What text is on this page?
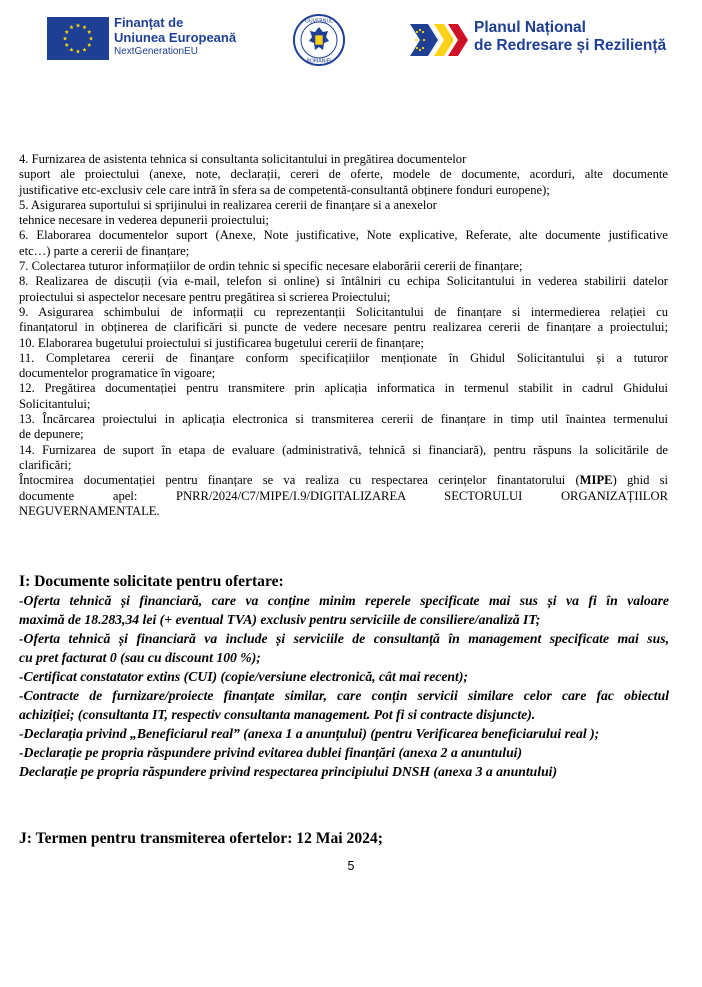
Finanțat de
Uniunea Europeană
NextGenerationEU
GUVERNUL
ROMÂNIEI
Planul Național
de Redresare și Reziliență

4. Furnizarea de asistenta tehnica si consultanta solicitantului in pregătirea documentelor

suport ale proiectului (anexe, note, declarații, cereri de oferte, modele de documente, acorduri, alte documente

justificative etc-exclusiv cele care intră în sfera sa de competentă-consultantă obținere fonduri europene);

5. Asigurarea suportului si sprijinului in realizarea cererii de finanțare si a anexelor

tehnice necesare in vederea depunerii proiectului;

6. Elaborarea documentelor suport (Anexe, Note justificative, Note explicative, Referate, alte documente justificative

etc…) parte a cererii de finanțare;

7. Colectarea tuturor informațiilor de ordin tehnic si specific necesare elaborării cererii de finanțare;

8. Realizarea de discuții (via e-mail, telefon si online) si întâlniri cu echipa Solicitantului in vederea stabilirii datelor

proiectului si aspectelor necesare pentru pregătirea si scrierea Proiectului;

9. Asigurarea schimbului de informații cu reprezentanții Solicitantului de finanțare si intermedierea relației cu

finanțatorul in obținerea de clarificări si puncte de vedere necesare pentru realizarea cererii de finanțare a proiectului;

10. Elaborarea bugetului proiectului si justificarea bugetului cererii de finanțare;

11. Completarea cererii de finanțare conform specificațiilor menționate în Ghidul Solicitantului și a tuturor

documentelor programatice în vigoare;

12. Pregătirea documentației pentru transmitere prin aplicația informatica in termenul stabilit in cadrul Ghidului

Solicitantului;

13. Încărcarea proiectului in aplicația electronica si transmiterea cererii de finanțare in timp util înaintea termenului

de depunere;

14. Furnizarea de suport în etapa de evaluare (administrativă, tehnică si financiară), pentru răspuns la solicitările de

clarificări;

Întocmirea documentației pentru finanțare se va realiza cu respectarea cerințelor finantatorului (MIPE) ghid si

documente apel: PNRR/2024/C7/MIPE/I.9/DIGITALIZAREA SECTORULUI ORGANIZAȚIILOR

NEGUVERNAMENTALE.

I: Documente solicitate pentru ofertare:

-Oferta tehnică și financiară, care va conține minim reperele specificate mai sus și va fi în valoare

maximă de 18.283,34 lei (+ eventual TVA) exclusiv pentru serviciile de consiliere/analiză IT;

-Oferta tehnică și financiară va include și serviciile de consultanță în management specificate mai sus,

cu pret facturat 0 (sau cu discount 100 %);

-Certificat constatator extins (CUI) (copie/versiune electronică, cât mai recent);

-Contracte de furnizare/proiecte finanțate similar, care conțin servicii similare celor care fac obiectul

achiziției; (consultanta IT, respectiv consultanta management. Pot fi si contracte disjuncte).

-Declarația privind „Beneficiarul real” (anexa 1 a anunțului) (pentru Verificarea beneficiarului real );

-Declarație pe propria răspundere privind evitarea dublei finanțări (anexa 2 a anuntului)

Declarație pe propria răspundere privind respectarea principiului DNSH (anexa 3 a anuntului)

J: Termen pentru transmiterea ofertelor: 12 Mai 2024;
5
